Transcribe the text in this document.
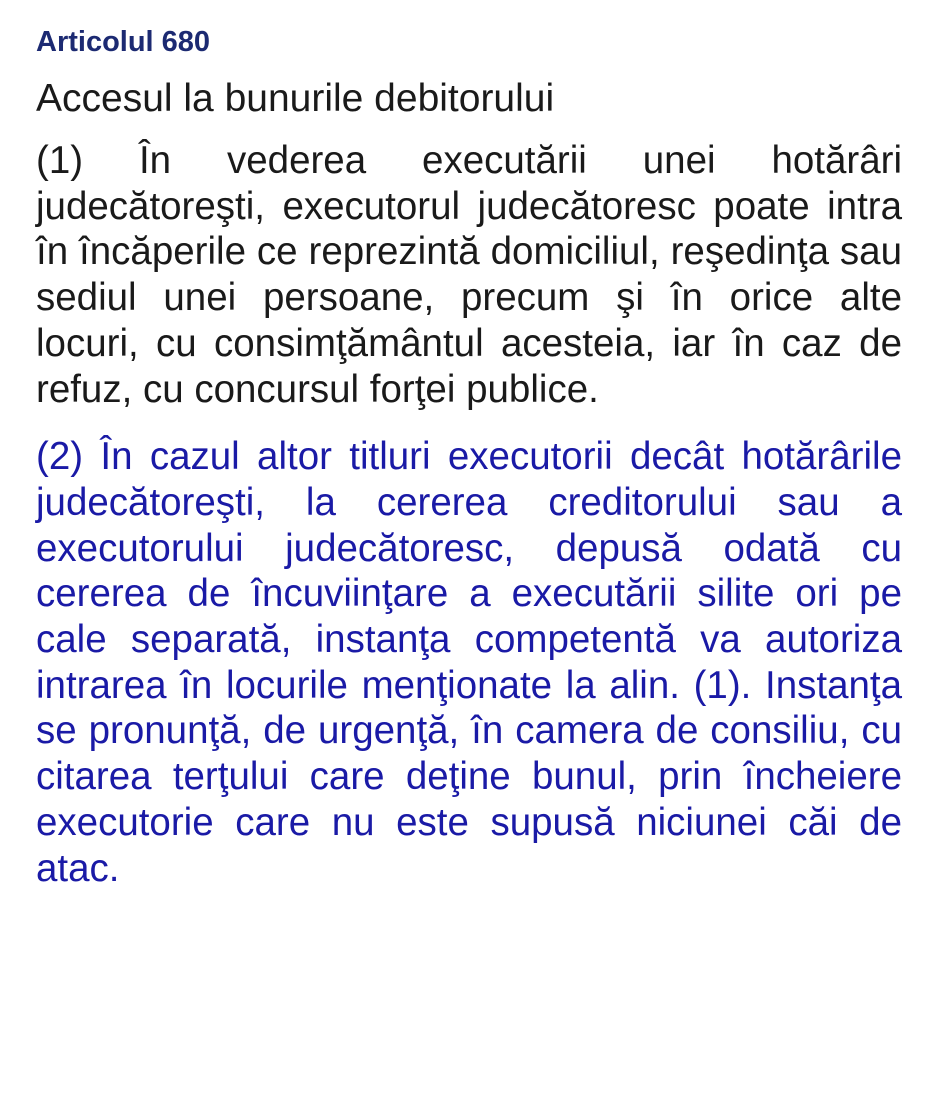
Articolul 680
Accesul la bunurile debitorului

(1) În vederea executării unei hotărâri judecătoreşti, executorul judecătoresc poate intra în încăperile ce reprezintă domiciliul, reşedinţa sau sediul unei persoane, precum şi în orice alte locuri, cu consimţământul acesteia, iar în caz de refuz, cu concursul forţei publice.

(2) În cazul altor titluri executorii decât hotărârile judecătoreşti, la cererea creditorului sau a executorului judecătoresc, depusă odată cu cererea de încuviinţare a executării silite ori pe cale separată, instanţa competentă va autoriza intrarea în locurile menţionate la alin. (1). Instanţa se pronunţă, de urgenţă, în camera de consiliu, cu citarea terţului care deţine bunul, prin încheiere executorie care nu este supusă niciunei căi de atac.
